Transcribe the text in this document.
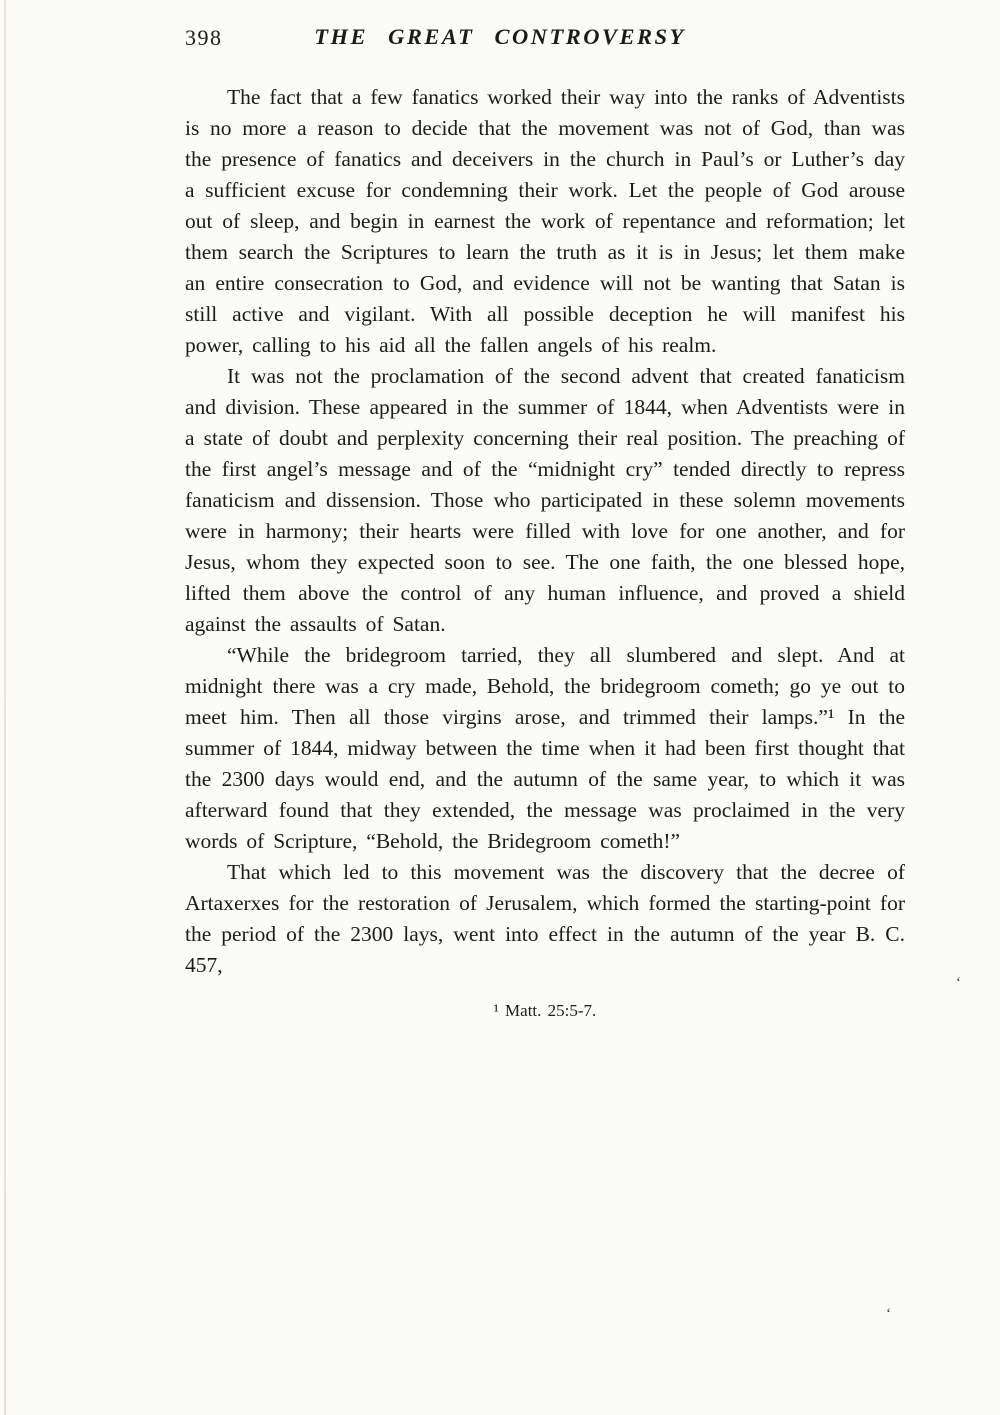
398	THE GREAT CONTROVERSY

The fact that a few fanatics worked their way into the ranks of Adventists is no more a reason to decide that the movement was not of God, than was the presence of fanatics and deceivers in the church in Paul’s or Luther’s day a sufficient excuse for condemning their work. Let the people of God arouse out of sleep, and begin in earnest the work of repentance and reformation; let them search the Scriptures to learn the truth as it is in Jesus; let them make an entire consecration to God, and evidence will not be wanting that Satan is still active and vigilant. With all possible deception he will manifest his power, calling to his aid all the fallen angels of his realm.

It was not the proclamation of the second advent that created fanaticism and division. These appeared in the summer of 1844, when Adventists were in a state of doubt and perplexity concerning their real position. The preaching of the first angel’s message and of the “midnight cry” tended directly to repress fanaticism and dissension. Those who participated in these solemn movements were in harmony; their hearts were filled with love for one another, and for Jesus, whom they expected soon to see. The one faith, the one blessed hope, lifted them above the control of any human influence, and proved a shield against the assaults of Satan.

“While the bridegroom tarried, they all slumbered and slept. And at midnight there was a cry made, Behold, the bridegroom cometh; go ye out to meet him. Then all those virgins arose, and trimmed their lamps.”¹ In the summer of 1844, midway between the time when it had been first thought that the 2300 days would end, and the autumn of the same year, to which it was afterward found that they extended, the message was proclaimed in the very words of Scripture, “Behold, the Bridegroom cometh!”

That which led to this movement was the discovery that the decree of Artaxerxes for the restoration of Jerusalem, which formed the starting-point for the period of the 2300 lays, went into effect in the autumn of the year B. C. 457,

¹ Matt. 25:5-7.
‘
‘
